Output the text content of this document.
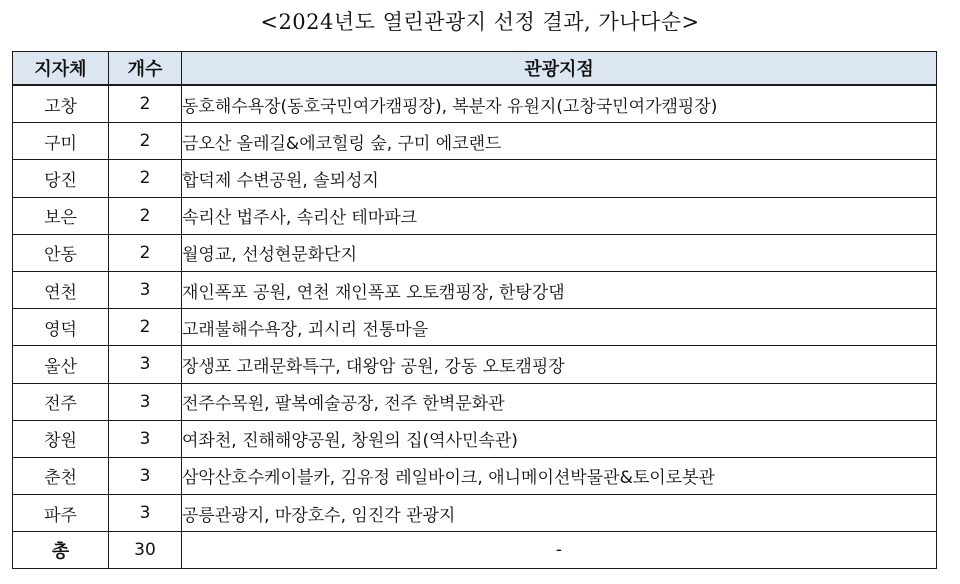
<2024년도 열린관광지 선정 결과, 가나다순>
지자체	개수	관광지점
고창	2	동호해수욕장(동호국민여가캠핑장), 복분자 유원지(고창국민여가캠핑장)
구미	2	금오산 올레길&에코힐링 숲, 구미 에코랜드
당진	2	합덕제 수변공원, 솔뫼성지
보은	2	속리산 법주사, 속리산 테마파크
안동	2	월영교, 선성현문화단지
연천	3	재인폭포 공원, 연천 재인폭포 오토캠핑장, 한탕강댐
영덕	2	고래불해수욕장, 괴시리 전통마을
울산	3	장생포 고래문화특구, 대왕암 공원, 강동 오토캠핑장
전주	3	전주수목원, 팔복예술공장, 전주 한벽문화관
창원	3	여좌천, 진해해양공원, 창원의 집(역사민속관)
춘천	3	삼악산호수케이블카, 김유정 레일바이크, 애니메이션박물관&토이로봇관
파주	3	공릉관광지, 마장호수, 임진각 관광지
총	30	-
